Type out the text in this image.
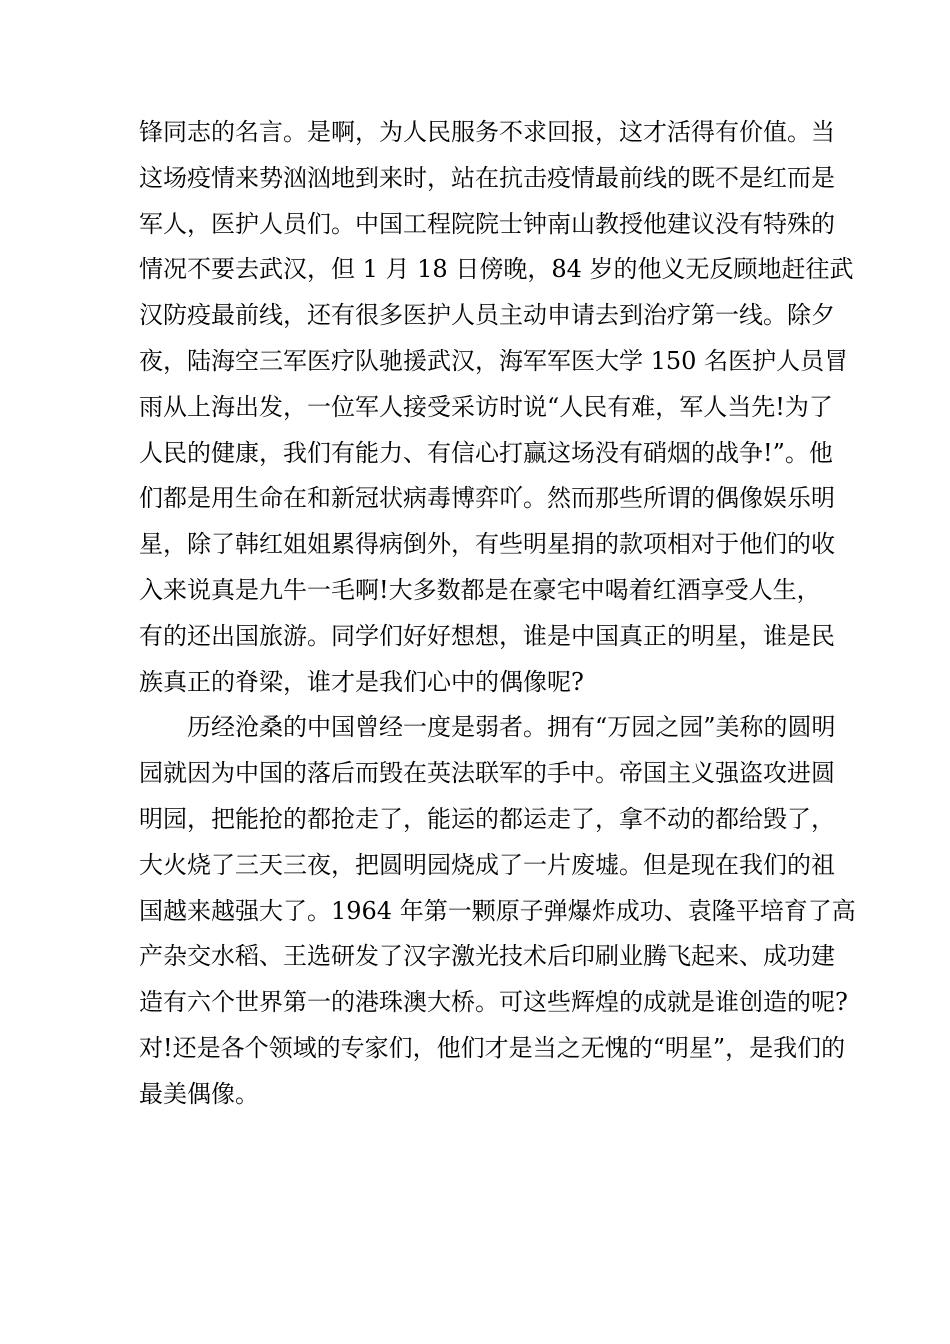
锋同志的名言。是啊，为人民服务不求回报，这才活得有价值。当
这场疫情来势汹汹地到来时，站在抗击疫情最前线的既不是红而是
军人，医护人员们。中国工程院院士钟南山教授他建议没有特殊的
情况不要去武汉，但 1 月 18 日傍晚，84 岁的他义无反顾地赶往武
汉防疫最前线，还有很多医护人员主动申请去到治疗第一线。除夕
夜，陆海空三军医疗队驰援武汉，海军军医大学 150 名医护人员冒
雨从上海出发，一位军人接受采访时说“人民有难，军人当先!为了
人民的健康，我们有能力、有信心打赢这场没有硝烟的战争!”。他
们都是用生命在和新冠状病毒博弈吖。然而那些所谓的偶像娱乐明
星，除了韩红姐姐累得病倒外，有些明星捐的款项相对于他们的收
入来说真是九牛一毛啊!大多数都是在豪宅中喝着红酒享受人生，
有的还出国旅游。同学们好好想想，谁是中国真正的明星，谁是民
族真正的脊梁，谁才是我们心中的偶像呢?
历经沧桑的中国曾经一度是弱者。拥有“万园之园”美称的圆明
园就因为中国的落后而毁在英法联军的手中。帝国主义强盗攻进圆
明园，把能抢的都抢走了，能运的都运走了，拿不动的都给毁了，
大火烧了三天三夜，把圆明园烧成了一片废墟。但是现在我们的祖
国越来越强大了。1964 年第一颗原子弹爆炸成功、袁隆平培育了高
产杂交水稻、王选研发了汉字激光技术后印刷业腾飞起来、成功建
造有六个世界第一的港珠澳大桥。可这些辉煌的成就是谁创造的呢?
对!还是各个领域的专家们，他们才是当之无愧的“明星”，是我们的
最美偶像。
